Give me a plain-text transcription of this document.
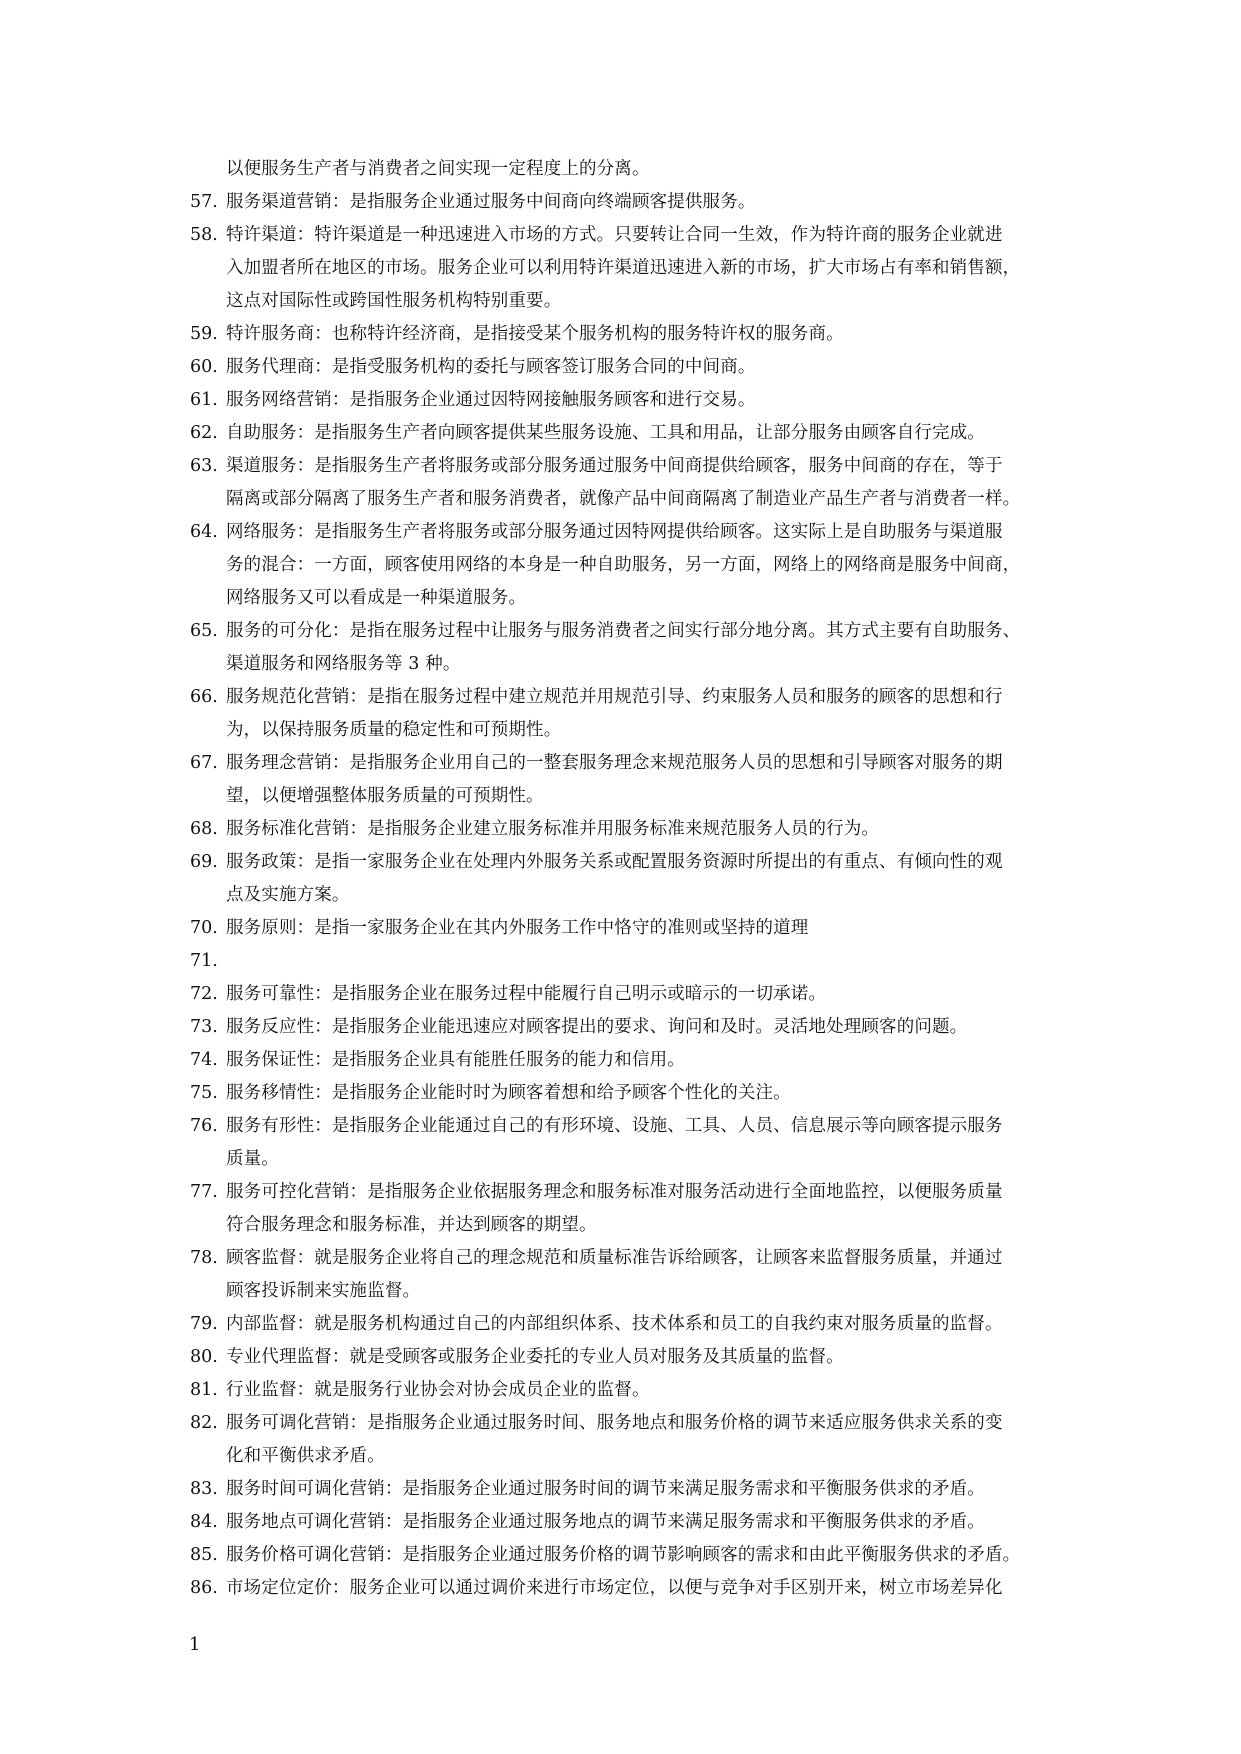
以便服务生产者与消费者之间实现一定程度上的分离。
57. 服务渠道营销：是指服务企业通过服务中间商向终端顾客提供服务。
58. 特许渠道：特许渠道是一种迅速进入市场的方式。只要转让合同一生效，作为特许商的服务企业就进
入加盟者所在地区的市场。服务企业可以利用特许渠道迅速进入新的市场，扩大市场占有率和销售额，
这点对国际性或跨国性服务机构特别重要。
59. 特许服务商：也称特许经济商，是指接受某个服务机构的服务特许权的服务商。
60. 服务代理商：是指受服务机构的委托与顾客签订服务合同的中间商。
61. 服务网络营销：是指服务企业通过因特网接触服务顾客和进行交易。
62. 自助服务：是指服务生产者向顾客提供某些服务设施、工具和用品，让部分服务由顾客自行完成。
63. 渠道服务：是指服务生产者将服务或部分服务通过服务中间商提供给顾客，服务中间商的存在，等于
隔离或部分隔离了服务生产者和服务消费者，就像产品中间商隔离了制造业产品生产者与消费者一样。
64. 网络服务：是指服务生产者将服务或部分服务通过因特网提供给顾客。这实际上是自助服务与渠道服
务的混合：一方面，顾客使用网络的本身是一种自助服务，另一方面，网络上的网络商是服务中间商，
网络服务又可以看成是一种渠道服务。
65. 服务的可分化：是指在服务过程中让服务与服务消费者之间实行部分地分离。其方式主要有自助服务、
渠道服务和网络服务等 3 种。
66. 服务规范化营销：是指在服务过程中建立规范并用规范引导、约束服务人员和服务的顾客的思想和行
为，以保持服务质量的稳定性和可预期性。
67. 服务理念营销：是指服务企业用自己的一整套服务理念来规范服务人员的思想和引导顾客对服务的期
望，以便增强整体服务质量的可预期性。
68. 服务标准化营销：是指服务企业建立服务标准并用服务标准来规范服务人员的行为。
69. 服务政策：是指一家服务企业在处理内外服务关系或配置服务资源时所提出的有重点、有倾向性的观
点及实施方案。
70. 服务原则：是指一家服务企业在其内外服务工作中恪守的准则或坚持的道理
71.
72. 服务可靠性：是指服务企业在服务过程中能履行自己明示或暗示的一切承诺。
73. 服务反应性：是指服务企业能迅速应对顾客提出的要求、询问和及时。灵活地处理顾客的问题。
74. 服务保证性：是指服务企业具有能胜任服务的能力和信用。
75. 服务移情性：是指服务企业能时时为顾客着想和给予顾客个性化的关注。
76. 服务有形性：是指服务企业能通过自己的有形环境、设施、工具、人员、信息展示等向顾客提示服务
质量。
77. 服务可控化营销：是指服务企业依据服务理念和服务标准对服务活动进行全面地监控，以便服务质量
符合服务理念和服务标准，并达到顾客的期望。
78. 顾客监督：就是服务企业将自己的理念规范和质量标准告诉给顾客，让顾客来监督服务质量，并通过
顾客投诉制来实施监督。
79. 内部监督：就是服务机构通过自己的内部组织体系、技术体系和员工的自我约束对服务质量的监督。
80. 专业代理监督：就是受顾客或服务企业委托的专业人员对服务及其质量的监督。
81. 行业监督：就是服务行业协会对协会成员企业的监督。
82. 服务可调化营销：是指服务企业通过服务时间、服务地点和服务价格的调节来适应服务供求关系的变
化和平衡供求矛盾。
83. 服务时间可调化营销：是指服务企业通过服务时间的调节来满足服务需求和平衡服务供求的矛盾。
84. 服务地点可调化营销：是指服务企业通过服务地点的调节来满足服务需求和平衡服务供求的矛盾。
85. 服务价格可调化营销：是指服务企业通过服务价格的调节影响顾客的需求和由此平衡服务供求的矛盾。
86. 市场定位定价：服务企业可以通过调价来进行市场定位，以便与竞争对手区别开来，树立市场差异化
1
